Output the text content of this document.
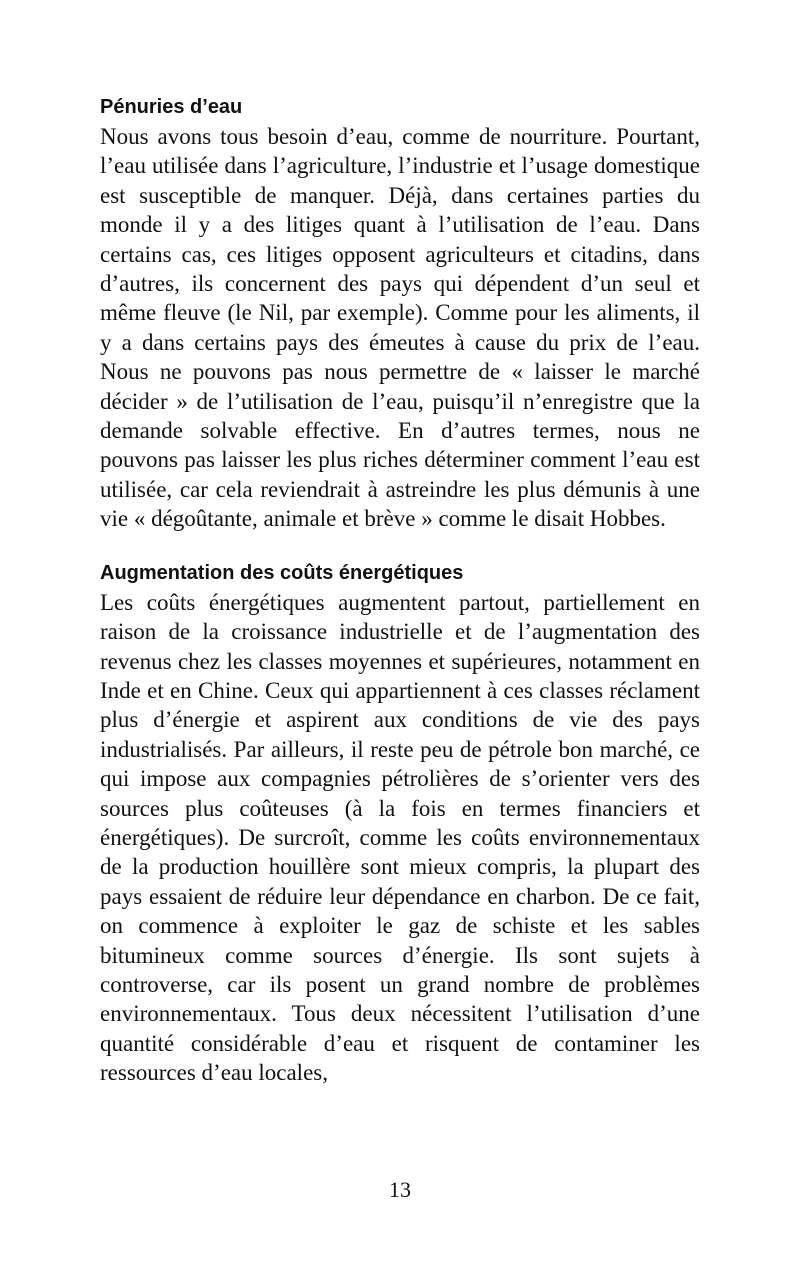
Pénuries d’eau

Nous avons tous besoin d’eau, comme de nourriture. Pourtant, l’eau utilisée dans l’agriculture, l’industrie et l’usage domestique est susceptible de manquer. Déjà, dans certaines parties du monde il y a des litiges quant à l’utilisation de l’eau. Dans certains cas, ces litiges opposent agriculteurs et citadins, dans d’autres, ils concernent des pays qui dépendent d’un seul et même fleuve (le Nil, par exemple). Comme pour les aliments, il y a dans certains pays des émeutes à cause du prix de l’eau. Nous ne pouvons pas nous permettre de « laisser le marché décider » de l’utilisation de l’eau, puisqu’il n’enregistre que la demande solvable effective. En d’autres termes, nous ne pouvons pas laisser les plus riches déterminer comment l’eau est utilisée, car cela reviendrait à astreindre les plus démunis à une vie « dégoûtante, animale et brève » comme le disait Hobbes.

Augmentation des coûts énergétiques

Les coûts énergétiques augmentent partout, partiellement en raison de la croissance industrielle et de l’augmentation des revenus chez les classes moyennes et supérieures, notamment en Inde et en Chine. Ceux qui appartiennent à ces classes réclament plus d’énergie et aspirent aux conditions de vie des pays industrialisés. Par ailleurs, il reste peu de pétrole bon marché, ce qui impose aux compagnies pétrolières de s’orienter vers des sources plus coûteuses (à la fois en termes financiers et énergétiques). De surcroît, comme les coûts environnementaux de la production houillère sont mieux compris, la plupart des pays essaient de réduire leur dépendance en charbon. De ce fait, on commence à exploiter le gaz de schiste et les sables bitumineux comme sources d’énergie. Ils sont sujets à controverse, car ils posent un grand nombre de problèmes environnementaux. Tous deux nécessitent l’utilisation d’une quantité considérable d’eau et risquent de contaminer les ressources d’eau locales,

13
